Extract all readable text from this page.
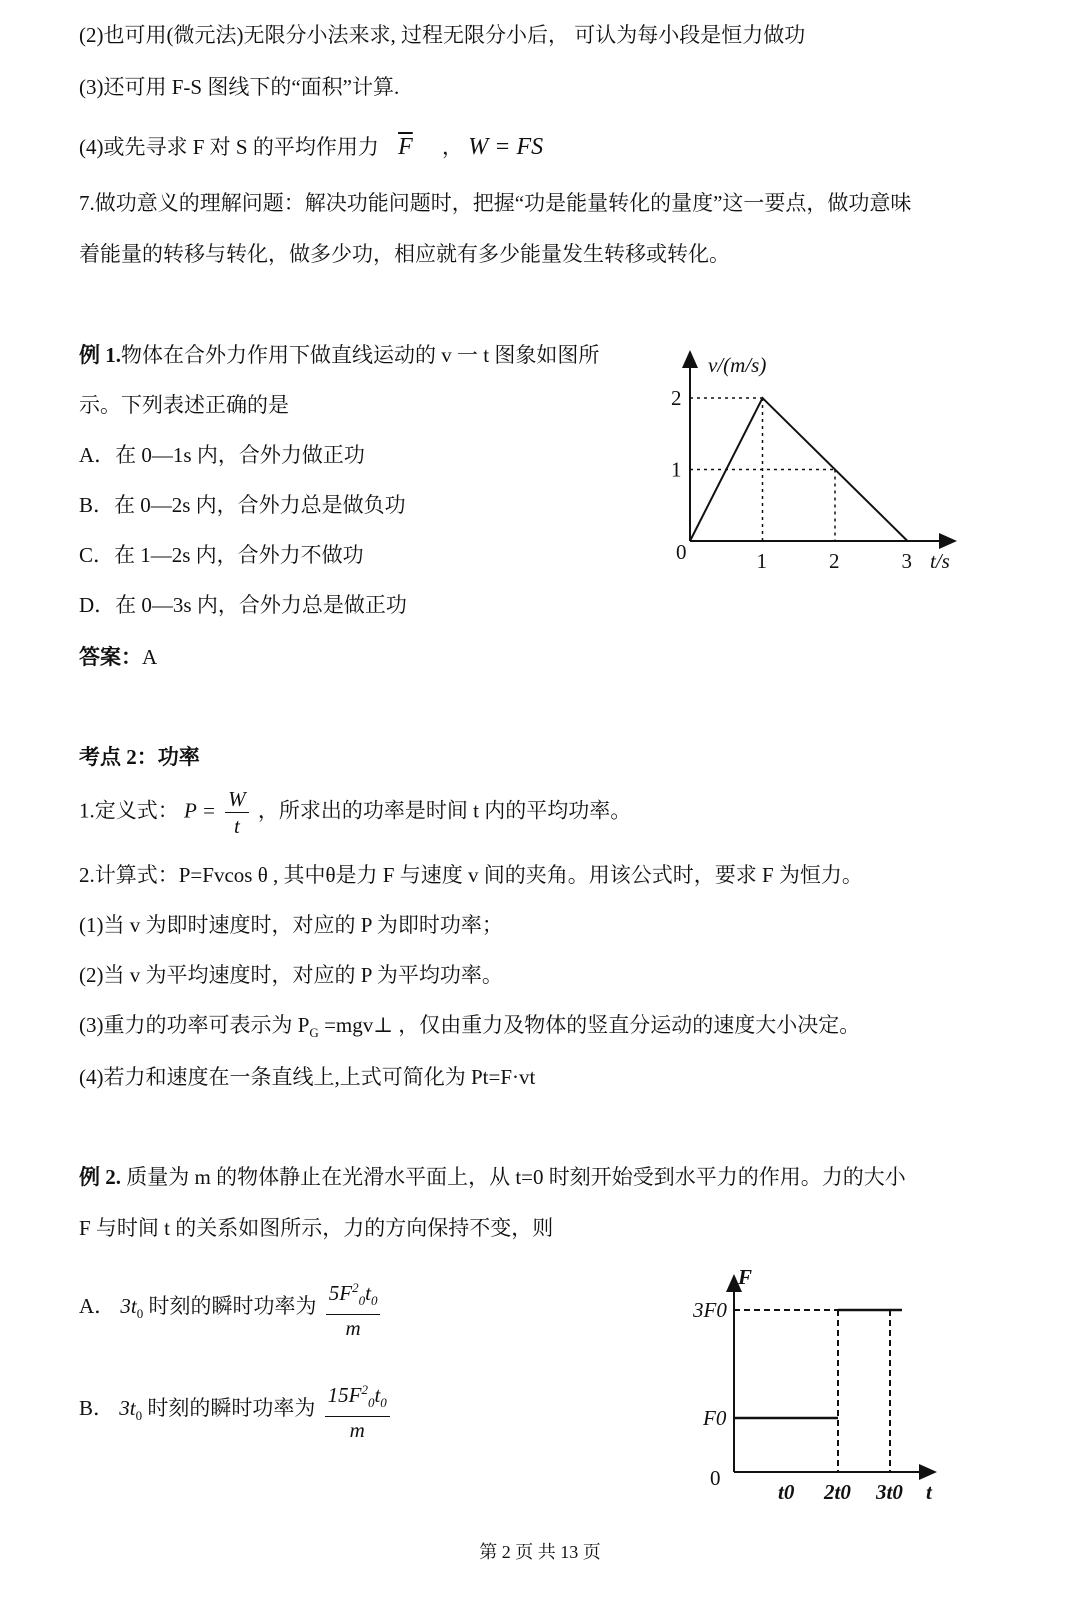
(2)也可用(微元法)无限分小法来求, 过程无限分小后， 可认为每小段是恒力做功
(3)还可用 F-S 图线下的“面积”计算.
(4)或先寻求 F 对 S 的平均作用力 $\overline{F}$ ， W = FS
7.做功意义的理解问题：解决功能问题时，把握“功是能量转化的量度”这一要点，做功意味
着能量的转移与转化，做多少功，相应就有多少能量发生转移或转化。
例 1.物体在合外力作用下做直线运动的 v 一 t 图象如图所
示。下列表述正确的是
A．在 0—1s 内，合外力做正功
B．在 0—2s 内，合外力总是做负功
C．在 1—2s 内，合外力不做功
D．在 0—3s 内，合外力总是做正功
答案：A
考点 2：功率
1.定义式： $P = \frac{W}{t}$ ，所求出的功率是时间 t 内的平均功率。
2.计算式：P=Fvcos θ , 其中θ是力 F 与速度 v 间的夹角。用该公式时，要求 F 为恒力。
(1)当 v 为即时速度时，对应的 P 为即时功率；
(2)当 v 为平均速度时，对应的 P 为平均功率。
(3)重力的功率可表示为 $P_G$ =mgv⊥ ，仅由重力及物体的竖直分运动的速度大小决定。
(4)若力和速度在一条直线上,上式可简化为 Pt=F·vt
例 2. 质量为 m 的物体静止在光滑水平面上，从 t=0 时刻开始受到水平力的作用。力的大小
F 与时间 t 的关系如图所示，力的方向保持不变，则
A． $3t_0$ 时刻的瞬时功率为 $\frac{5F^2_0t_0}{m}$
B． $3t_0$ 时刻的瞬时功率为 $\frac{15F^2_0t_0}{m}$
0	1	2	3 t/s
1
2
v/(m/s)
0
t0 2t0 3t0 t
F0
3F0
F
第 2 页 共 13 页
